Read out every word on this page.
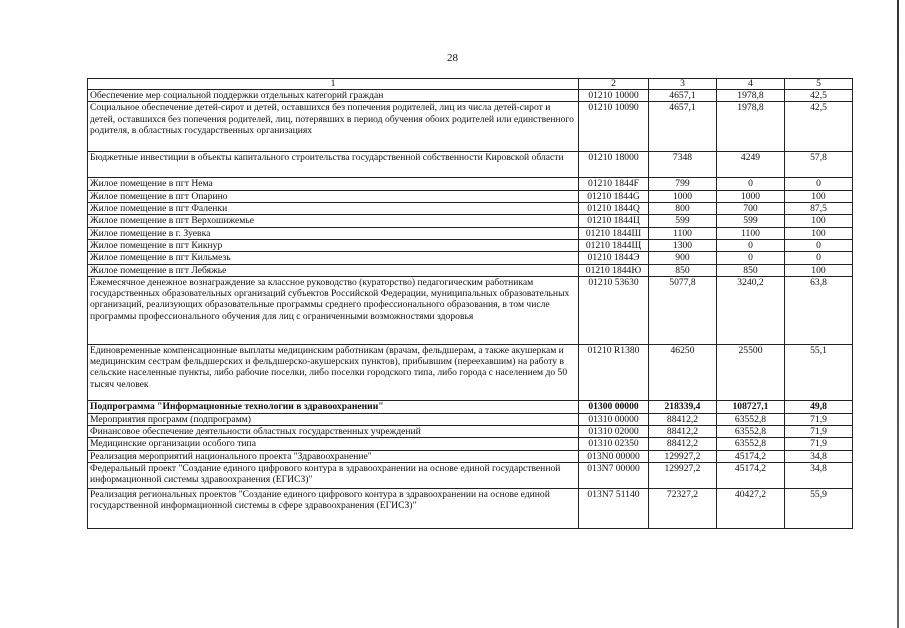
28
1	2	3	4	5
Обеспечение мер социальной поддержки отдельных категорий граждан	01210 10000	4657,1	1978,8	42,5
Социальное обеспечение детей-сирот и детей, оставшихся без попечения родителей, лиц из числа детей-сирот и детей, оставшихся без попечения родителей, лиц, потерявших в период обучения обоих родителей или единственного родителя, в областных государственных организациях	01210 10090	4657,1	1978,8	42,5
Бюджетные инвестиции в объекты капитального строительства государственной собственности Кировской области	01210 18000	7348	4249	57,8
Жилое помещение в пгт Нема	01210 1844F	799	0	0
Жилое помещение в пгт Опарино	01210 1844G	1000	1000	100
Жилое помещение в пгт Фаленки	01210 1844Q	800	700	87,5
Жилое помещение в пгт Верхошижемье	01210 1844Ц	599	599	100
Жилое помещение в г. Зуевка	01210 1844Ш	1100	1100	100
Жилое помещение в пгт Кикнур	01210 1844Щ	1300	0	0
Жилое помещение в пгт Кильмезь	01210 1844Э	900	0	0
Жилое помещение в пгт Лебяжье	01210 1844Ю	850	850	100
Ежемесячное денежное вознаграждение за классное руководство (кураторство) педагогическим работникам государственных образовательных организаций субъектов Российской Федерации, муниципальных образовательных организаций, реализующих образовательные программы среднего профессионального образования, в том числе программы профессионального обучения для лиц с ограниченными возможностями здоровья	01210 53630	5077,8	3240,2	63,8
Единовременные компенсационные выплаты медицинским работникам (врачам, фельдшерам, а также акушеркам и медицинским сестрам фельдшерских и фельдшерско-акушерских пунктов), прибывшим (переехавшим) на работу в сельские населенные пункты, либо рабочие поселки, либо поселки городского типа, либо города с населением до 50 тысяч человек	01210 R1380	46250	25500	55,1
Подпрограмма "Информационные технологии в здравоохранении"	01300 00000	218339,4	108727,1	49,8
Мероприятия программ (подпрограмм)	01310 00000	88412,2	63552,8	71,9
Финансовое обеспечение деятельности областных государственных учреждений	01310 02000	88412,2	63552,8	71,9
Медицинские организации особого типа	01310 02350	88412,2	63552,8	71,9
Реализация мероприятий национального проекта "Здравоохранение"	013N0 00000	129927,2	45174,2	34,8
Федеральный проект "Создание единого цифрового контура в здравоохранении на основе единой государственной информационной системы здравоохранения (ЕГИСЗ)"	013N7 00000	129927,2	45174,2	34,8
Реализация региональных проектов "Создание единого цифрового контура в здравоохранении на основе единой государственной информационной системы в сфере здравоохранения (ЕГИСЗ)"	013N7 51140	72327,2	40427,2	55,9
